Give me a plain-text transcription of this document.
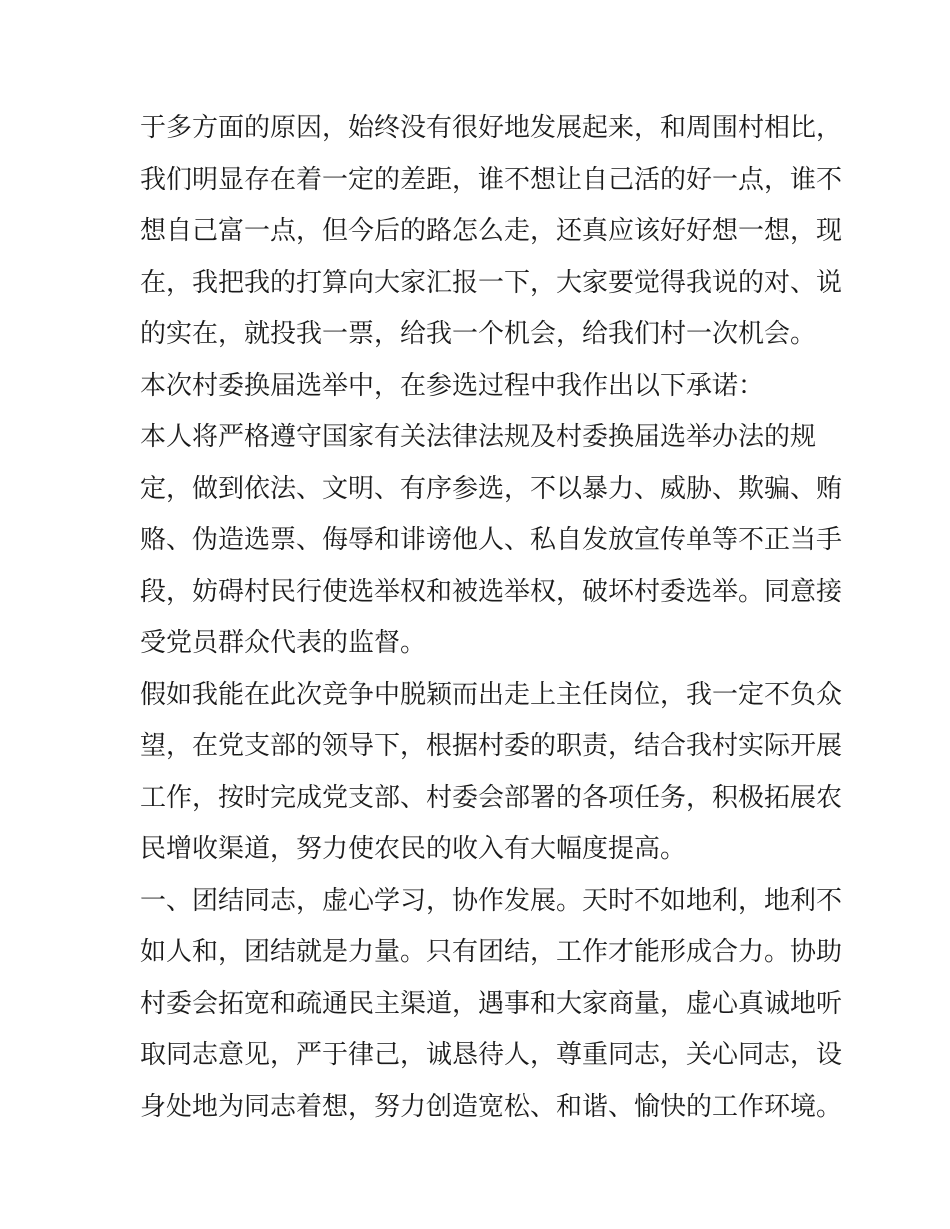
于多方面的原因，始终没有很好地发展起来，和周围村相比，
我们明显存在着一定的差距，谁不想让自己活的好一点，谁不
想自己富一点，但今后的路怎么走，还真应该好好想一想，现
在，我把我的打算向大家汇报一下，大家要觉得我说的对、说
的实在，就投我一票，给我一个机会，给我们村一次机会。

本次村委换届选举中，在参选过程中我作出以下承诺：

本人将严格遵守国家有关法律法规及村委换届选举办法的规
定，做到依法、文明、有序参选，不以暴力、威胁、欺骗、贿
赂、伪造选票、侮辱和诽谤他人、私自发放宣传单等不正当手
段，妨碍村民行使选举权和被选举权，破坏村委选举。同意接
受党员群众代表的监督。

假如我能在此次竞争中脱颖而出走上主任岗位，我一定不负众
望，在党支部的领导下，根据村委的职责，结合我村实际开展
工作，按时完成党支部、村委会部署的各项任务，积极拓展农
民增收渠道，努力使农民的收入有大幅度提高。

一、团结同志，虚心学习，协作发展。天时不如地利，地利不
如人和，团结就是力量。只有团结，工作才能形成合力。协助
村委会拓宽和疏通民主渠道，遇事和大家商量，虚心真诚地听
取同志意见，严于律己，诚恳待人，尊重同志，关心同志，设
身处地为同志着想，努力创造宽松、和谐、愉快的工作环境。
